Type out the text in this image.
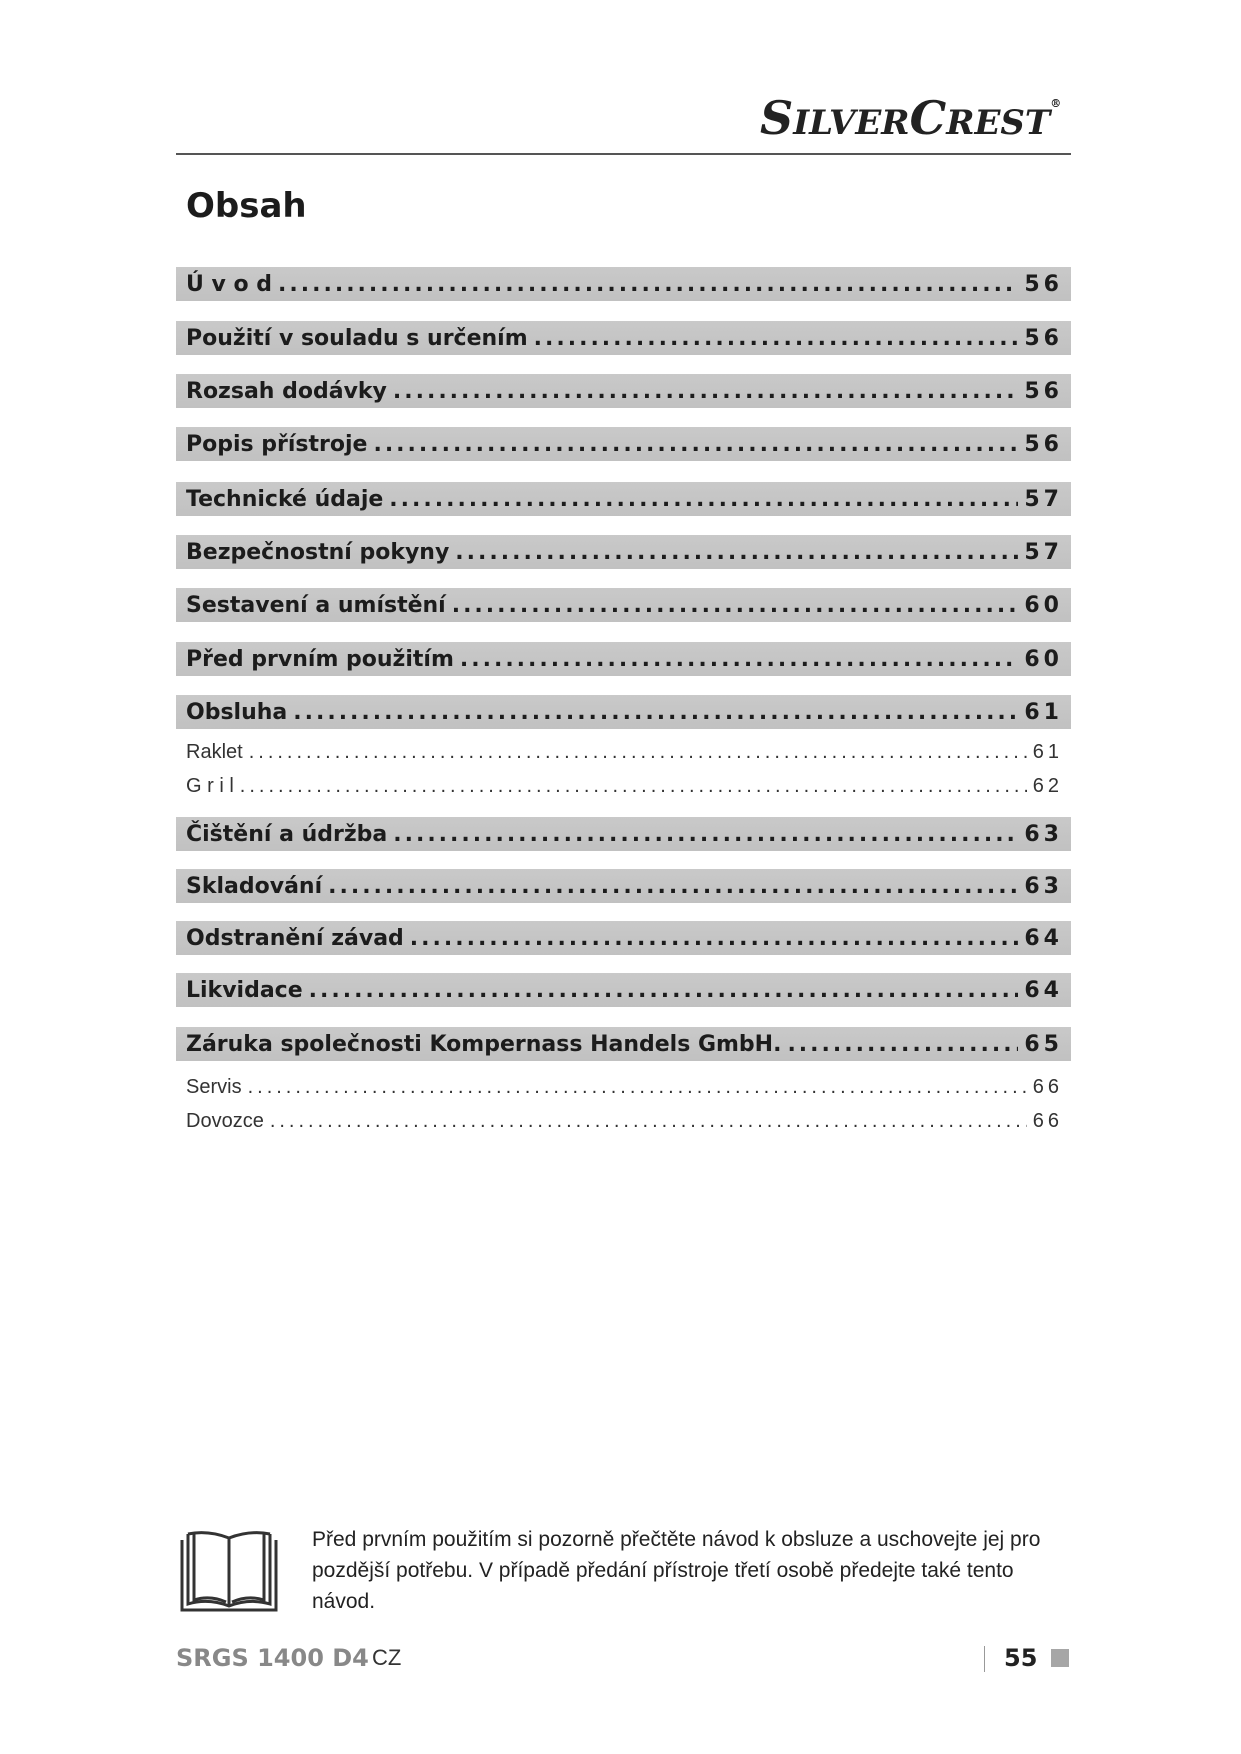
SILVERCREST®
Obsah
Ú v o d .....	56
Použití v souladu s určením .....	56
Rozsah dodávky .....	56
Popis přístroje .....	56
Technické údaje .....	57
Bezpečnostní pokyny .....	57
Sestavení a umístění .....	60
Před prvním použitím .....	60
Obsluha .....	61
Raklet .....	61
G r i l .....	62
Čištění a údržba .....	63
Skladování .....	63
Odstranění závad .....	64
Likvidace .....	64
Záruka společnosti Kompernass Handels GmbH. .....	65
Servis .....	66
Dovozce .....	66

Před prvním použitím si pozorně přečtěte návod k obsluze a uschovejte jej pro pozdější potřebu. V případě předání přístroje třetí osobě předejte také tento návod.

SRGS 1400 D4 CZ	55
